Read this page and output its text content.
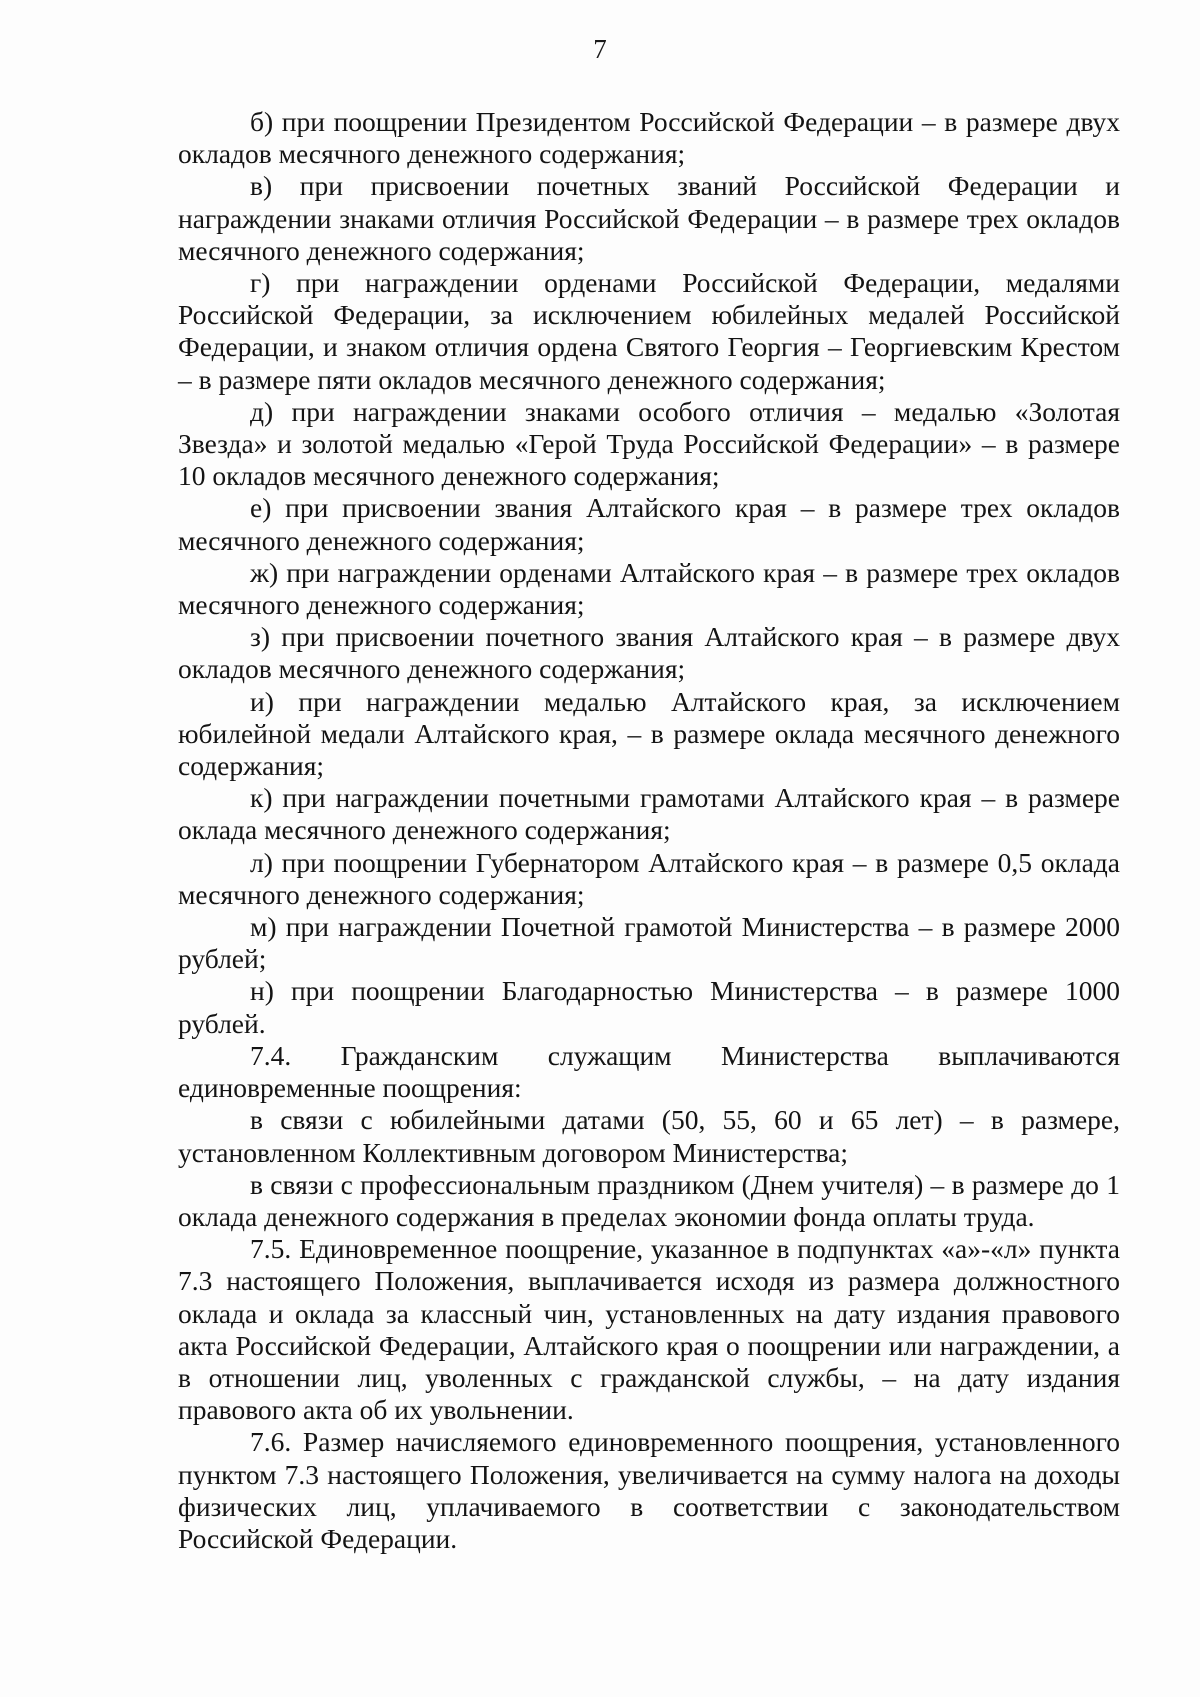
7

б) при поощрении Президентом Российской Федерации – в размере двух окладов месячного денежного содержания;

в) при присвоении почетных званий Российской Федерации и награждении знаками отличия Российской Федерации – в размере трех окладов месячного денежного содержания;

г) при награждении орденами Российской Федерации, медалями Российской Федерации, за исключением юбилейных медалей Российской Федерации, и знаком отличия ордена Святого Георгия – Георгиевским Крестом – в размере пяти окладов месячного денежного содержания;

д) при награждении знаками особого отличия – медалью «Золотая Звезда» и золотой медалью «Герой Труда Российской Федерации» – в размере 10 окладов месячного денежного содержания;

е) при присвоении звания Алтайского края – в размере трех окладов месячного денежного содержания;

ж) при награждении орденами Алтайского края – в размере трех окладов месячного денежного содержания;

з) при присвоении почетного звания Алтайского края – в размере двух окладов месячного денежного содержания;

и) при награждении медалью Алтайского края, за исключением юбилейной медали Алтайского края, – в размере оклада месячного денежного содержания;

к) при награждении почетными грамотами Алтайского края – в размере оклада месячного денежного содержания;

л) при поощрении Губернатором Алтайского края – в размере 0,5 оклада месячного денежного содержания;

м) при награждении Почетной грамотой Министерства – в размере 2000 рублей;

н) при поощрении Благодарностью Министерства – в размере 1000 рублей.

7.4. Гражданским служащим Министерства выплачиваются единовременные поощрения:

в связи с юбилейными датами (50, 55, 60 и 65 лет) – в размере, установленном Коллективным договором Министерства;

в связи с профессиональным праздником (Днем учителя) – в размере до 1 оклада денежного содержания в пределах экономии фонда оплаты труда.

7.5. Единовременное поощрение, указанное в подпунктах «а»-«л» пункта 7.3 настоящего Положения, выплачивается исходя из размера должностного оклада и оклада за классный чин, установленных на дату издания правового акта Российской Федерации, Алтайского края о поощрении или награждении, а в отношении лиц, уволенных с гражданской службы, – на дату издания правового акта об их увольнении.

7.6. Размер начисляемого единовременного поощрения, установленного пунктом 7.3 настоящего Положения, увеличивается на сумму налога на доходы физических лиц, уплачиваемого в соответствии с законодательством Российской Федерации.
